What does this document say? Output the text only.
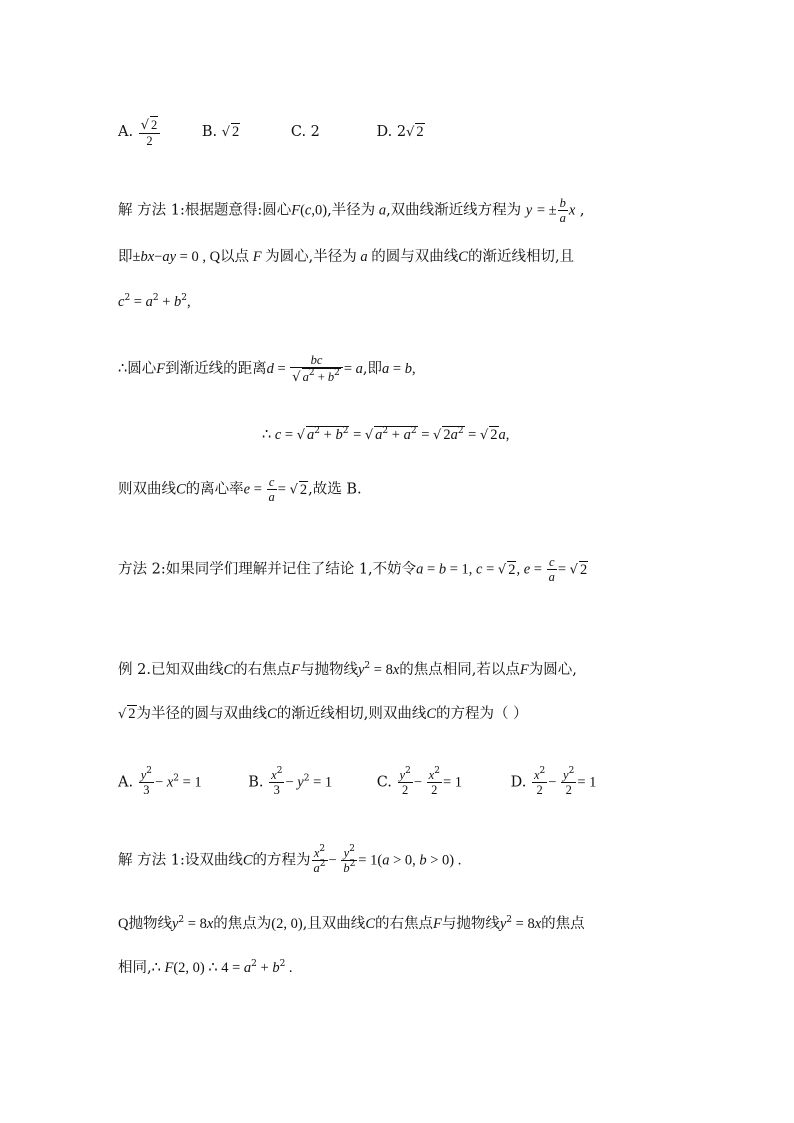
A. $\frac{√ 2}{2}$	B. √ 2	C. 2	D. 2√ 2
解 方法 1:根据题意得:圆心F(c,0),半径为 a,双曲线渐近线方程为 y = ± $\frac{b}{a}$ x ,
即±bx−ay = 0 , Q以点 F 为圆心,半径为 a 的圆与双曲线C的渐近线相切,且
$c^2 = a^2 + b^2$,
∴圆心F到渐近线的距离$d = \frac{bc}{√ a^2 + b^2} = a$,即a = b,
∴ c = √ $a^2 + b^2$ = √ $a^2 + a^2$ = √ $2a^2$ = √ 2a,
则双曲线C的离心率$e = \frac{c}{a}$ = √ 2,故选 B.
方法 2:如果同学们理解并记住了结论 1,不妨令a = b = 1, c = √ 2, $e = \frac{c}{a}$ = √ 2
例 2.已知双曲线C的右焦点F与抛物线$y^2 = 8x$的焦点相同,若以点F为圆心,
√ 2为半径的圆与双曲线C的渐近线相切,则双曲线C的方程为（ ）
A. $\frac{y^2}{3} - x^2 = 1$	B. $\frac{x^2}{3} - y^2 = 1$	C. $\frac{y^2}{2} - \frac{x^2}{2} = 1$	D. $\frac{x^2}{2} - \frac{y^2}{2} = 1$
解 方法 1:设双曲线C的方程为 $\frac{x^2}{a^2} - \frac{y^2}{b^2} = 1(a > 0$, b > 0) .
Q抛物线$y^2 = 8x$的焦点为(2, 0),且双曲线C的右焦点F与抛物线$y^2 = 8x$的焦点
相同,∴ F(2, 0) ∴ $4 = a^2 + b^2$ .
